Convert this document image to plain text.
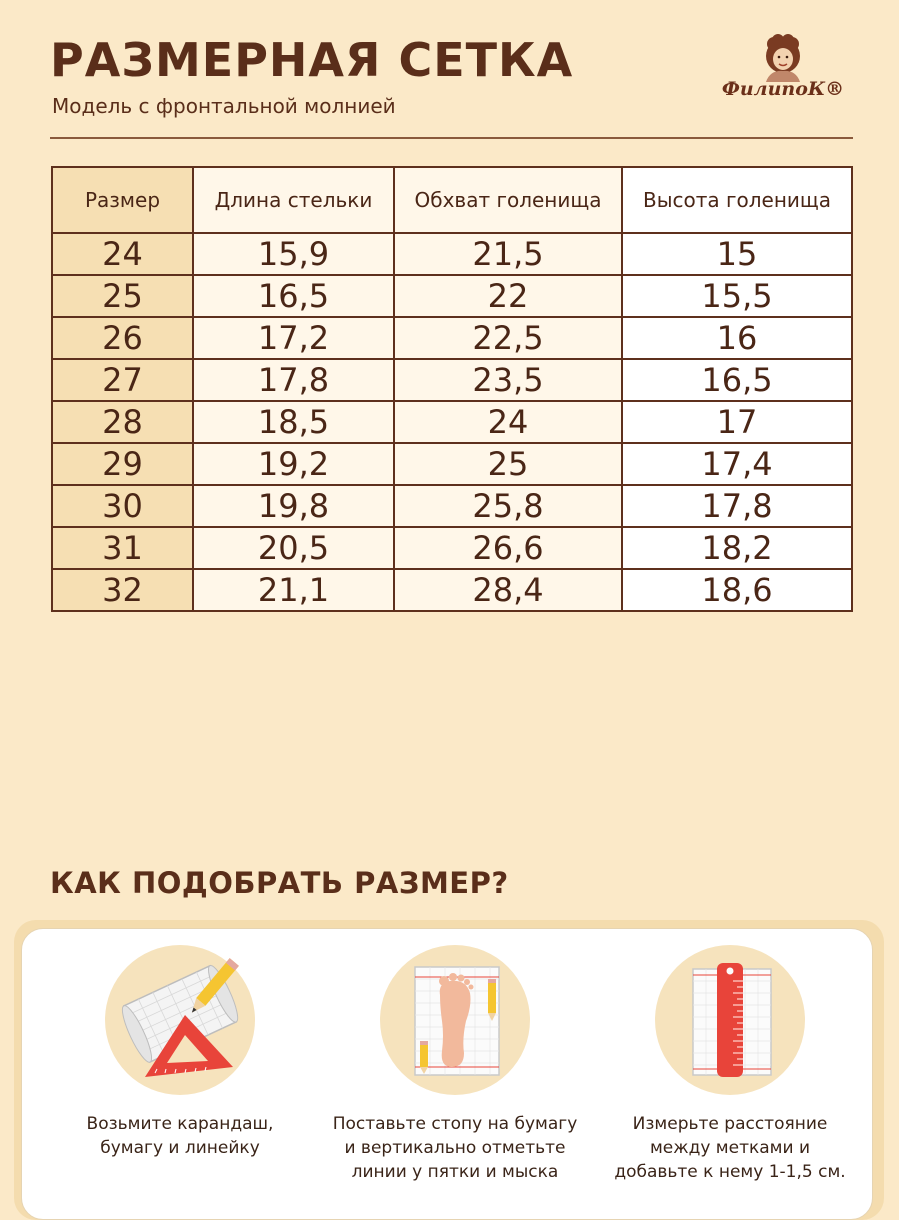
РАЗМЕРНАЯ СЕТКА
Модель с фронтальной молнией
ФилипоК®
Размер	Длина стельки	Обхват голенища	Высота голенища
24	15,9	21,5	15
25	16,5	22	15,5
26	17,2	22,5	16
27	17,8	23,5	16,5
28	18,5	24	17
29	19,2	25	17,4
30	19,8	25,8	17,8
31	20,5	26,6	18,2
32	21,1	28,4	18,6
КАК ПОДОБРАТЬ РАЗМЕР?
Возьмите карандаш,
бумагу и линейку
Поставьте стопу на бумагу
и вертикально отметьте
линии у пятки и мыска
Измерьте расстояние
между метками и
добавьте к нему 1-1,5 см.
